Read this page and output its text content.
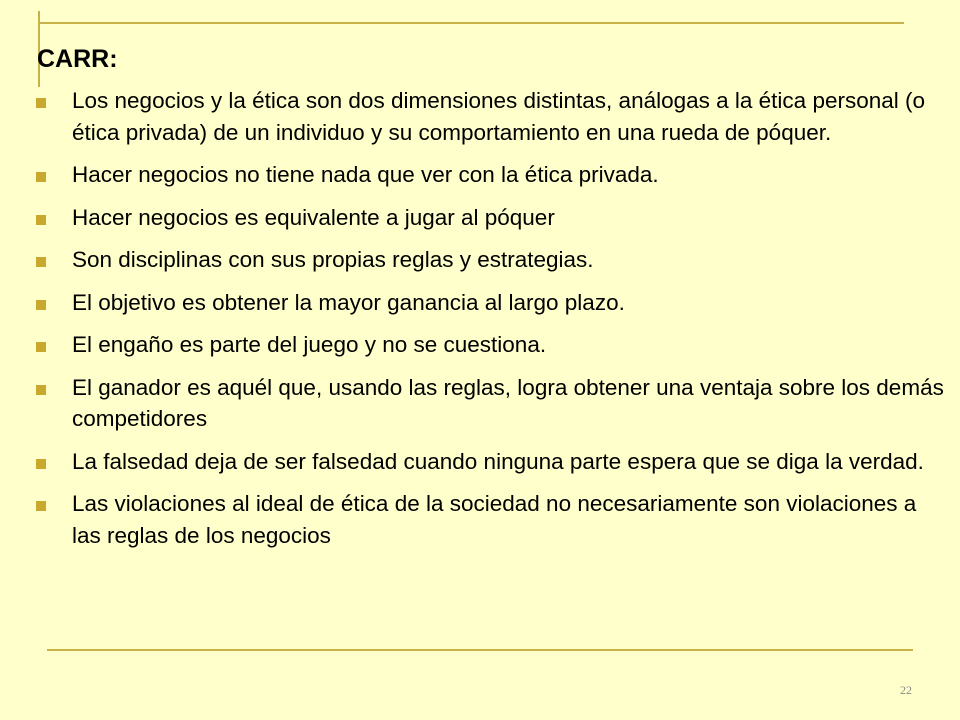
CARR:
Los negocios y la ética son dos dimensiones distintas, análogas a la ética personal (o ética privada) de un individuo y su comportamiento en una rueda de póquer.
Hacer negocios no tiene nada que ver con la ética privada.
Hacer negocios es equivalente a jugar al póquer
Son disciplinas con sus propias reglas y estrategias.
El objetivo es obtener la mayor ganancia al largo plazo.
El engaño es parte del juego y no se cuestiona.
El ganador es aquél que, usando las reglas, logra obtener una ventaja sobre los demás competidores
La falsedad deja de ser falsedad cuando ninguna parte espera que se diga la verdad.
Las violaciones al ideal de ética de la sociedad no necesariamente son violaciones a las reglas de los negocios
22
